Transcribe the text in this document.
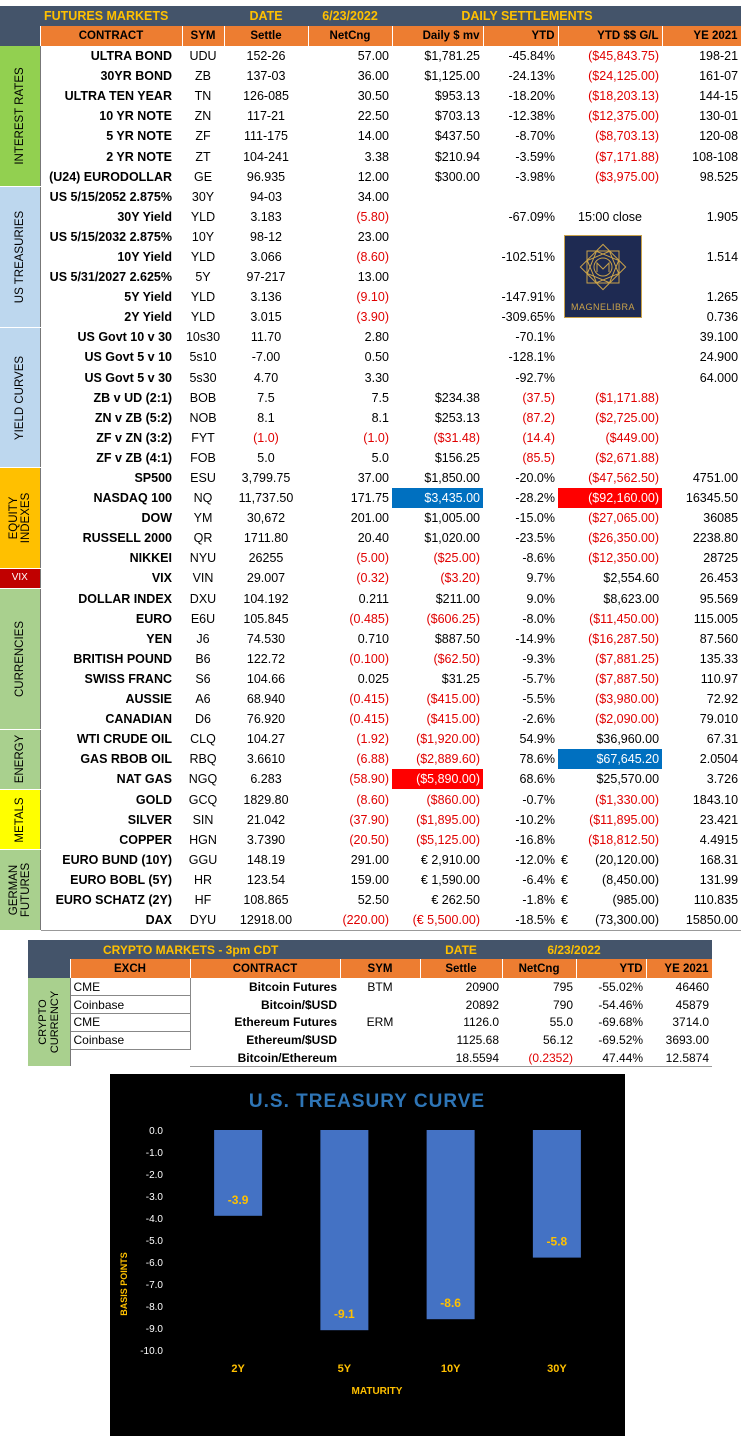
	FUTURES MARKETS		DATE	6/23/2022	DAILY SETTLEMENTS			
	CONTRACT	SYM	Settle	NetCng	Daily $ mv	YTD	YTD $$ G/L	YE 2021

INTEREST RATES	ULTRA BOND	UDU	152-26	57.00	$1,781.25	-45.84%	($45,843.75)	198-21
	30YR BOND	ZB	137-03	36.00	$1,125.00	-24.13%	($24,125.00)	161-07
	ULTRA TEN YEAR	TN	126-085	30.50	$953.13	-18.20%	($18,203.13)	144-15
	10 YR NOTE	ZN	117-21	22.50	$703.13	-12.38%	($12,375.00)	130-01
	5 YR NOTE	ZF	111-175	14.00	$437.50	-8.70%	($8,703.13)	120-08
	2 YR NOTE	ZT	104-241	3.38	$210.94	-3.59%	($7,171.88)	108-108
	(U24) EURODOLLAR	GE	96.935	12.00	$300.00	-3.98%	($3,975.00)	98.525

US TREASURIES	US 5/15/2052 2.875%	30Y	94-03	34.00				
	30Y Yield	YLD	3.183	(5.80)		-67.09%	15:00 close	1.905
	US 5/15/2032 2.875%	10Y	98-12	23.00				
	10Y Yield	YLD	3.066	(8.60)		-102.51%		1.514
	US 5/31/2027 2.625%	5Y	97-217	13.00				
	5Y Yield	YLD	3.136	(9.10)		-147.91%		1.265
	2Y Yield	YLD	3.015	(3.90)		-309.65%		0.736

YIELD CURVES	US Govt 10 v 30	10s30	11.70	2.80		-70.1%		39.100
	US Govt 5 v 10	5s10	-7.00	0.50		-128.1%		24.900
	US Govt 5 v 30	5s30	4.70	3.30		-92.7%		64.000
	ZB v UD (2:1)	BOB	7.5	7.5	$234.38	(37.5)	($1,171.88)	
	ZN v ZB (5:2)	NOB	8.1	8.1	$253.13	(87.2)	($2,725.00)	
	ZF v ZN (3:2)	FYT	(1.0)	(1.0)	($31.48)	(14.4)	($449.00)	
	ZF v ZB (4:1)	FOB	5.0	5.0	$156.25	(85.5)	($2,671.88)	

EQUITY INDEXES	SP500	ESU	3,799.75	37.00	$1,850.00	-20.0%	($47,562.50)	4751.00
	NASDAQ 100	NQ	11,737.50	171.75	$3,435.00	-28.2%	($92,160.00)	16345.50
	DOW	YM	30,672	201.00	$1,005.00	-15.0%	($27,065.00)	36085
	RUSSELL 2000	QR	1711.80	20.40	$1,020.00	-23.5%	($26,350.00)	2238.80
	NIKKEI	NYU	26255	(5.00)	($25.00)	-8.6%	($12,350.00)	28725

VIX	VIX	VIN	29.007	(0.32)	($3.20)	9.7%	$2,554.60	26.453

CURRENCIES	DOLLAR INDEX	DXU	104.192	0.211	$211.00	9.0%	$8,623.00	95.569
	EURO	E6U	105.845	(0.485)	($606.25)	-8.0%	($11,450.00)	115.005
	YEN	J6	74.530	0.710	$887.50	-14.9%	($16,287.50)	87.560
	BRITISH POUND	B6	122.72	(0.100)	($62.50)	-9.3%	($7,881.25)	135.33
	SWISS FRANC	S6	104.66	0.025	$31.25	-5.7%	($7,887.50)	110.97
	AUSSIE	A6	68.940	(0.415)	($415.00)	-5.5%	($3,980.00)	72.92
	CANADIAN	D6	76.920	(0.415)	($415.00)	-2.6%	($2,090.00)	79.010

ENERGY	WTI CRUDE OIL	CLQ	104.27	(1.92)	($1,920.00)	54.9%	$36,960.00	67.31
	GAS RBOB OIL	RBQ	3.6610	(6.88)	($2,889.60)	78.6%	$67,645.20	2.0504
	NAT GAS	NGQ	6.283	(58.90)	($5,890.00)	68.6%	$25,570.00	3.726

METALS	GOLD	GCQ	1829.80	(8.60)	($860.00)	-0.7%	($1,330.00)	1843.10
	SILVER	SIN	21.042	(37.90)	($1,895.00)	-10.2%	($11,895.00)	23.421
	COPPER	HGN	3.7390	(20.50)	($5,125.00)	-16.8%	($18,812.50)	4.4915

GERMAN FUTURES	EURO BUND (10Y)	GGU	148.19	291.00	€ 2,910.00	-12.0%	€ (20,120.00)	168.31
	EURO BOBL (5Y)	HR	123.54	159.00	€ 1,590.00	-6.4%	€ (8,450.00)	131.99
	EURO SCHATZ (2Y)	HF	108.865	52.50	€ 262.50	-1.8%	€ (985.00)	110.835
	DAX	DYU	12918.00	(220.00)	(€ 5,500.00)	-18.5%	€ (73,300.00)	15850.00
MAGNELIBRA
		CRYPTO MARKETS - 3pm CDT			DATE	6/23/2022		
	EXCH		CONTRACT	SYM	Settle	NetCng	YTD	YE 2021

CRYPTO CURRENCY	CME		Bitcoin Futures	BTM	20900	795	-55.02%	46460
	Coinbase		Bitcoin/$USD		20892	790	-54.46%	45879
	CME		Ethereum Futures	ERM	1126.0	55.0	-69.68%	3714.0
	Coinbase		Ethereum/$USD		1125.68	56.12	-69.52%	3693.00
			Bitcoin/Ethereum		18.5594	(0.2352)	47.44%	12.5874
U.S. TREASURY CURVE
BASIS POINTS
MATURITY
0.0
-1.0
-2.0
-3.0
-4.0
-5.0
-6.0
-7.0
-8.0
-9.0
-10.0
-3.9
2Y
-9.1
5Y
-8.6
10Y
-5.8
30Y
